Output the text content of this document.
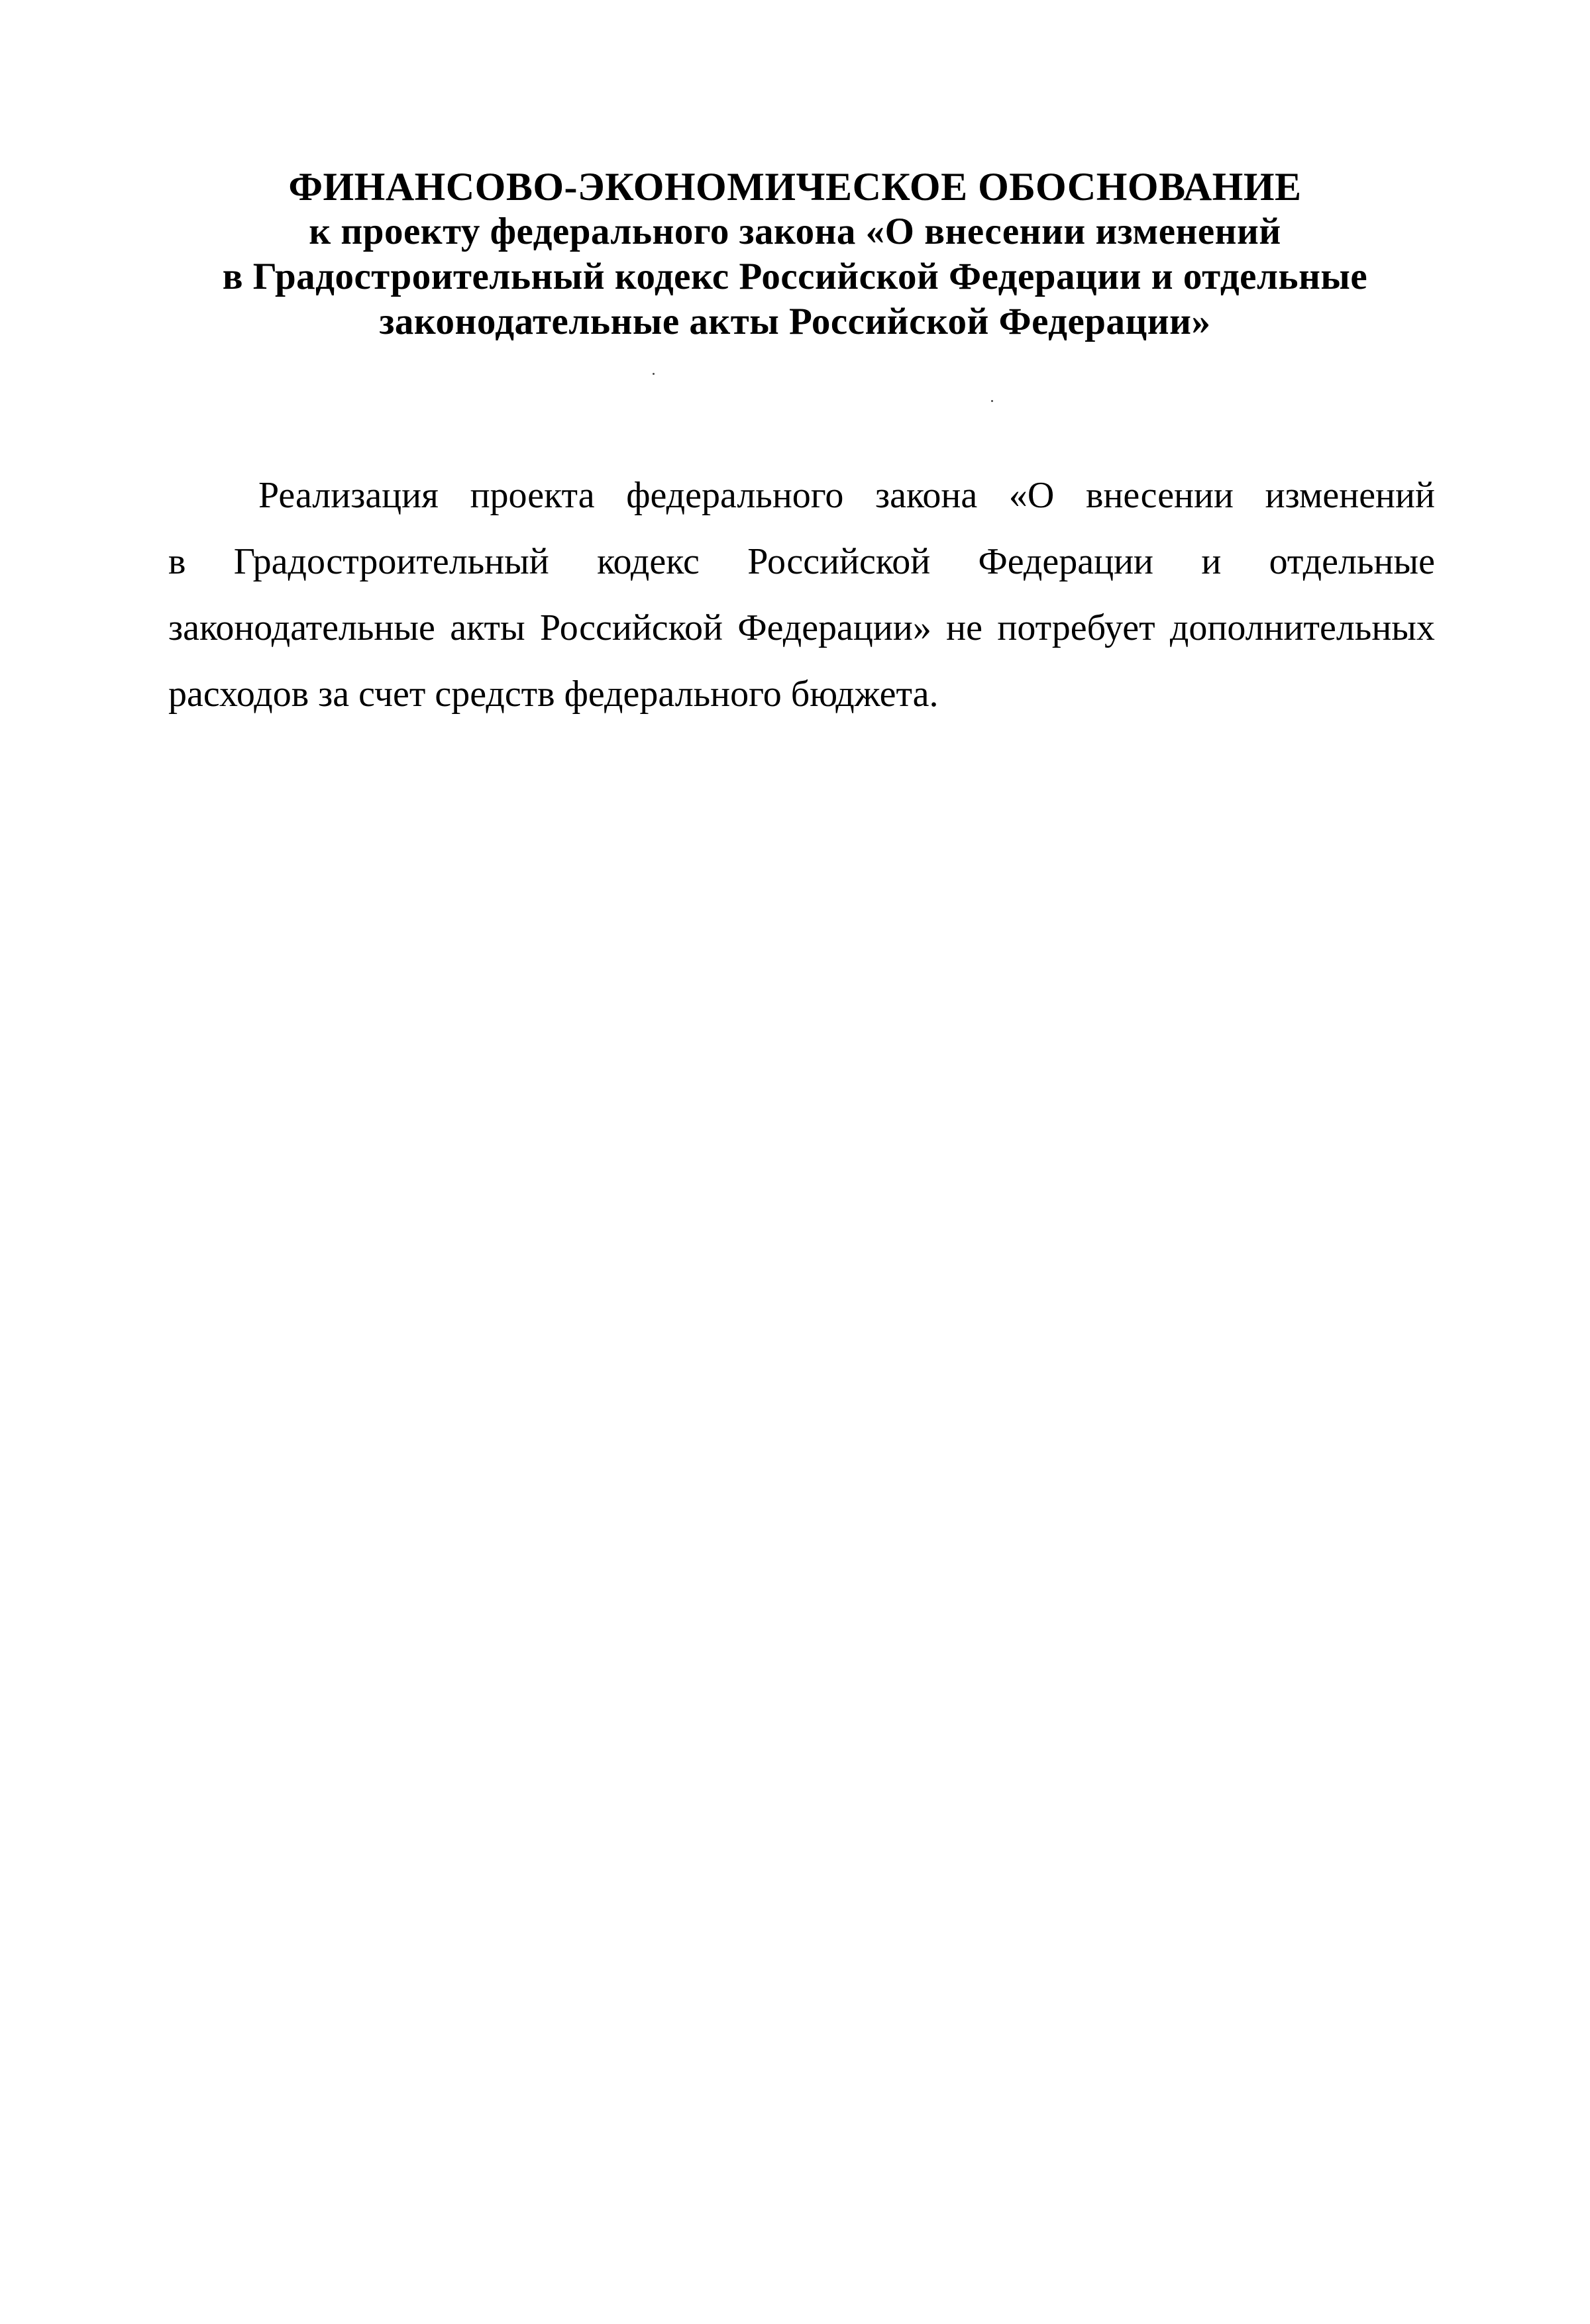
ФИНАНСОВО-ЭКОНОМИЧЕСКОЕ ОБОСНОВАНИЕ
к проекту федерального закона «О внесении изменений
в Градостроительный кодекс Российской Федерации и отдельные
законодательные акты Российской Федерации»
Реализация проекта федерального закона «О внесении изменений
в Градостроительный кодекс Российской Федерации и отдельные
законодательные акты Российской Федерации» не потребует дополнительных
расходов за счет средств федерального бюджета.
